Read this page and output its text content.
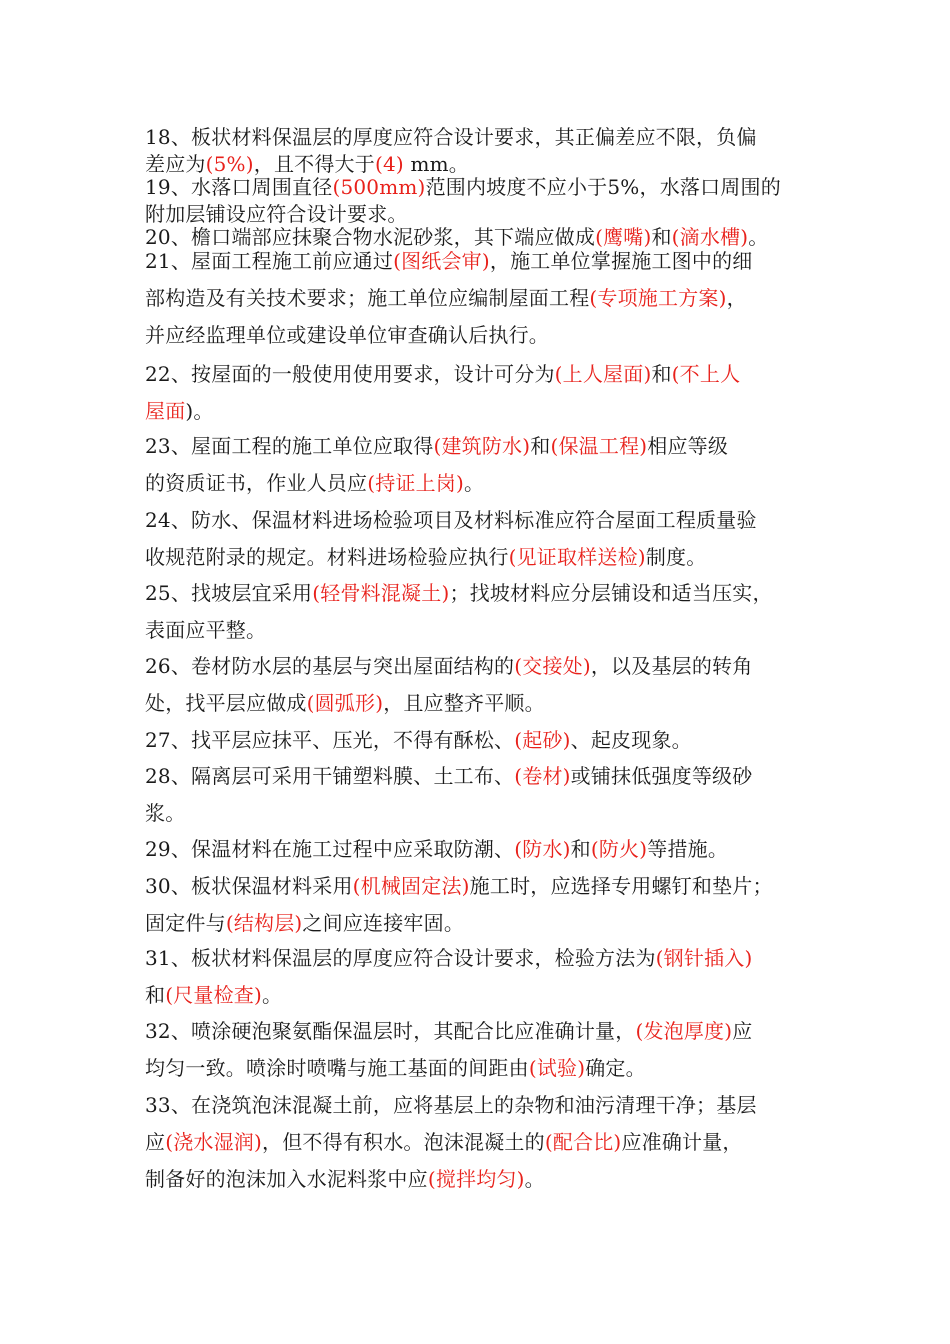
18、板状材料保温层的厚度应符合设计要求，其正偏差应不限，负偏
差应为(5%)，且不得大于(4) mm。

19、水落口周围直径(500mm)范围内坡度不应小于5%，水落口周围的
附加层铺设应符合设计要求。

20、檐口端部应抹聚合物水泥砂浆，其下端应做成(鹰嘴)和(滴水槽)。

21、屋面工程施工前应通过(图纸会审)，施工单位掌握施工图中的细
部构造及有关技术要求；施工单位应编制屋面工程(专项施工方案)，
并应经监理单位或建设单位审查确认后执行。

22、按屋面的一般使用使用要求，设计可分为(上人屋面)和(不上人
屋面)。

23、屋面工程的施工单位应取得(建筑防水)和(保温工程)相应等级
的资质证书，作业人员应(持证上岗)。

24、防水、保温材料进场检验项目及材料标准应符合屋面工程质量验
收规范附录的规定。材料进场检验应执行(见证取样送检)制度。

25、找坡层宜采用(轻骨料混凝土)；找坡材料应分层铺设和适当压实，
表面应平整。

26、卷材防水层的基层与突出屋面结构的(交接处)，以及基层的转角
处，找平层应做成(圆弧形)，且应整齐平顺。

27、找平层应抹平、压光，不得有酥松、(起砂)、起皮现象。

28、隔离层可采用干铺塑料膜、土工布、(卷材)或铺抹低强度等级砂
浆。

29、保温材料在施工过程中应采取防潮、(防水)和(防火)等措施。

30、板状保温材料采用(机械固定法)施工时，应选择专用螺钉和垫片；
固定件与(结构层)之间应连接牢固。

31、板状材料保温层的厚度应符合设计要求，检验方法为(钢针插入)
和(尺量检查)。

32、喷涂硬泡聚氨酯保温层时，其配合比应准确计量，(发泡厚度)应
均匀一致。喷涂时喷嘴与施工基面的间距由(试验)确定。

33、在浇筑泡沫混凝土前，应将基层上的杂物和油污清理干净；基层
应(浇水湿润)，但不得有积水。泡沫混凝土的(配合比)应准确计量，
制备好的泡沫加入水泥料浆中应(搅拌均匀)。
